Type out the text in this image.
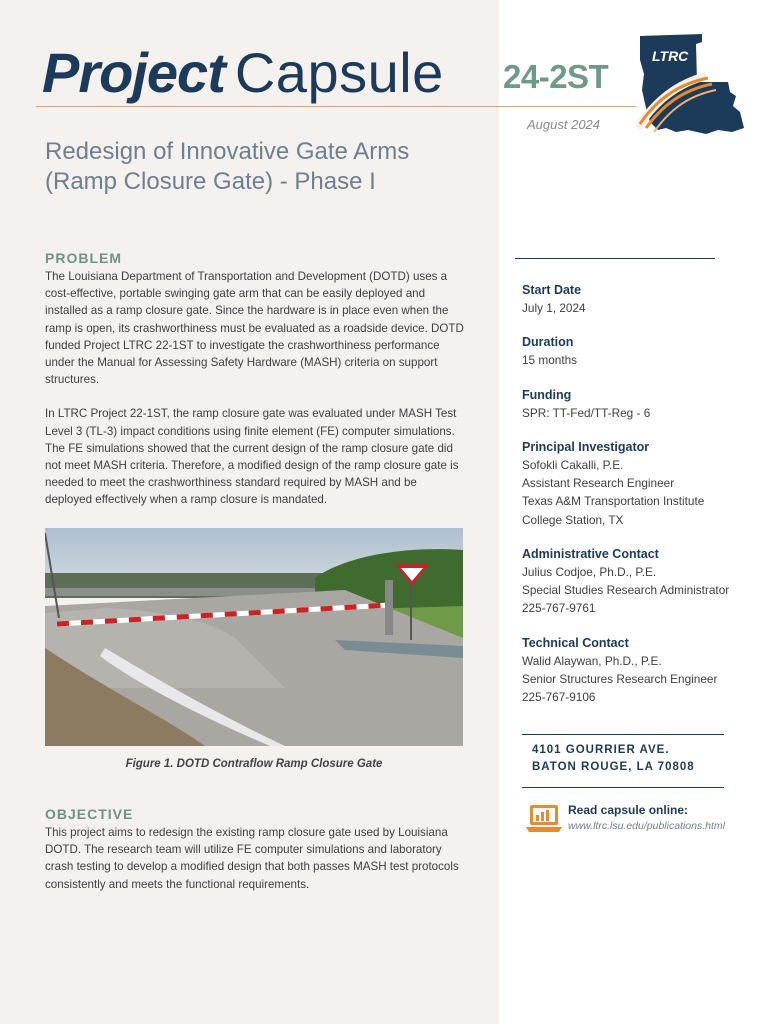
Project Capsule 24-2ST
August 2024
LTRC
Redesign of Innovative Gate Arms
(Ramp Closure Gate) - Phase I
PROBLEM

The Louisiana Department of Transportation and Development (DOTD) uses a cost-effective, portable swinging gate arm that can be easily deployed and installed as a ramp closure gate. Since the hardware is in place even when the ramp is open, its crashworthiness must be evaluated as a roadside device. DOTD funded Project LTRC 22-1ST to investigate the crashworthiness performance under the Manual for Assessing Safety Hardware (MASH) criteria on support structures.

In LTRC Project 22-1ST, the ramp closure gate was evaluated under MASH Test Level 3 (TL-3) impact conditions using finite element (FE) computer simulations. The FE simulations showed that the current design of the ramp closure gate did not meet MASH criteria. Therefore, a modified design of the ramp closure gate is needed to meet the crashworthiness standard required by MASH and be deployed effectively when a ramp closure is mandated.

Figure 1. DOTD Contraflow Ramp Closure Gate
OBJECTIVE
This project aims to redesign the existing ramp closure gate used by Louisiana DOTD. The research team will utilize FE computer simulations and laboratory crash testing to develop a modified design that both passes MASH test protocols consistently and meets the functional requirements.
Start Date
July 1, 2024
Duration
15 months
Funding
SPR: TT-Fed/TT-Reg - 6
Principal Investigator
Sofokli Cakalli, P.E.
Assistant Research Engineer
Texas A&M Transportation Institute
College Station, TX
Administrative Contact
Julius Codjoe, Ph.D., P.E.
Special Studies Research Administrator
225-767-9761
Technical Contact
Walid Alaywan, Ph.D., P.E.
Senior Structures Research Engineer
225-767-9106
4101 GOURRIER AVE.
BATON ROUGE, LA 70808
Read capsule online:
www.ltrc.lsu.edu/publications.html
